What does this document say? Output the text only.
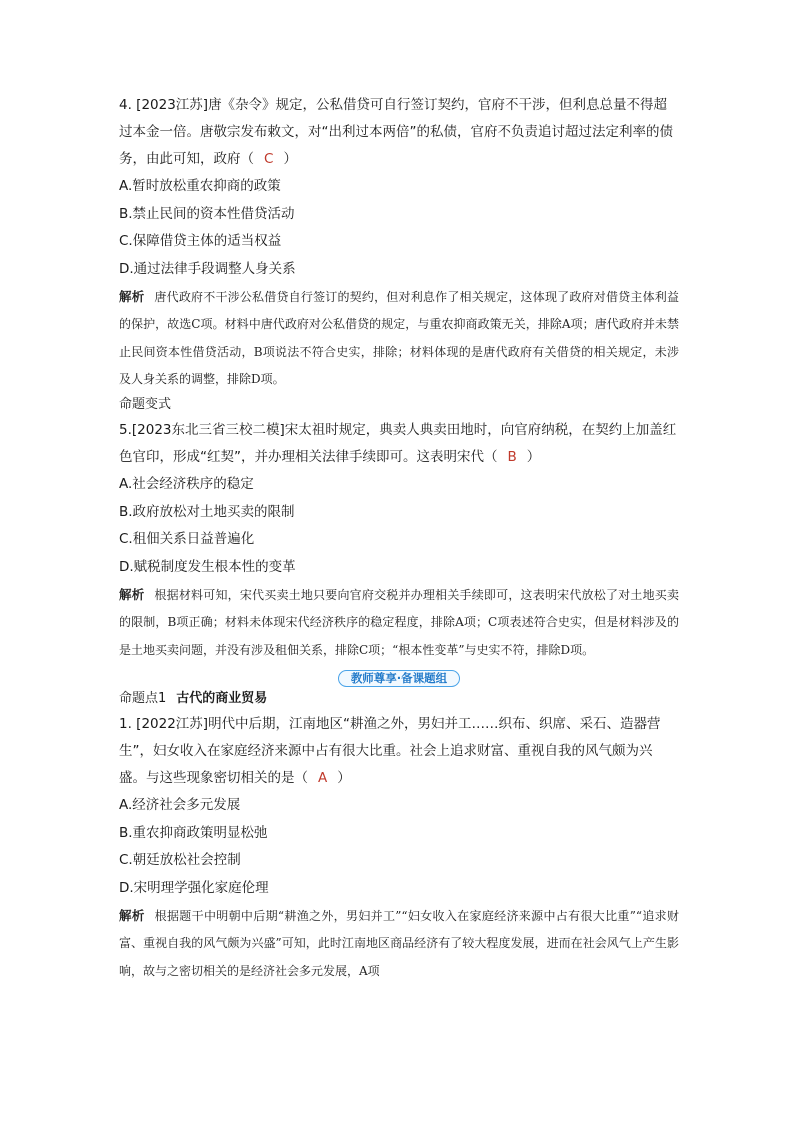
4. [2023江苏]唐《杂令》规定，公私借贷可自行签订契约，官府不干涉，但利息总量不得超过本金一倍。唐敬宗发布敕文，对“出利过本两倍”的私债，官府不负责追讨超过法定利率的债务，由此可知，政府（ C ）

A.暂时放松重农抑商的政策

B.禁止民间的资本性借贷活动

C.保障借贷主体的适当权益

D.通过法律手段调整人身关系

解析 唐代政府不干涉公私借贷自行签订的契约，但对利息作了相关规定，这体现了政府对借贷主体利益的保护，故选C项。材料中唐代政府对公私借贷的规定，与重农抑商政策无关，排除A项；唐代政府并未禁止民间资本性借贷活动，B项说法不符合史实，排除；材料体现的是唐代政府有关借贷的相关规定，未涉及人身关系的调整，排除D项。

命题变式

5.[2023东北三省三校二模]宋太祖时规定，典卖人典卖田地时，向官府纳税，在契约上加盖红色官印，形成“红契”，并办理相关法律手续即可。这表明宋代（ B ）

A.社会经济秩序的稳定

B.政府放松对土地买卖的限制

C.租佃关系日益普遍化

D.赋税制度发生根本性的变革

解析 根据材料可知，宋代买卖土地只要向官府交税并办理相关手续即可，这表明宋代放松了对土地买卖的限制，B项正确；材料未体现宋代经济秩序的稳定程度，排除A项；C项表述符合史实，但是材料涉及的是土地买卖问题，并没有涉及租佃关系，排除C项；“根本性变革”与史实不符，排除D项。

教师尊享·备课题组

命题点1 古代的商业贸易

1. [2022江苏]明代中后期，江南地区“耕渔之外，男妇并工……织布、织席、采石、造器营生”，妇女收入在家庭经济来源中占有很大比重。社会上追求财富、重视自我的风气颇为兴盛。与这些现象密切相关的是（ A ）

A.经济社会多元发展

B.重农抑商政策明显松弛

C.朝廷放松社会控制

D.宋明理学强化家庭伦理

解析 根据题干中明朝中后期“耕渔之外，男妇并工”“妇女收入在家庭经济来源中占有很大比重”“追求财富、重视自我的风气颇为兴盛”可知，此时江南地区商品经济有了较大程度发展，进而在社会风气上产生影响，故与之密切相关的是经济社会多元发展，A项
